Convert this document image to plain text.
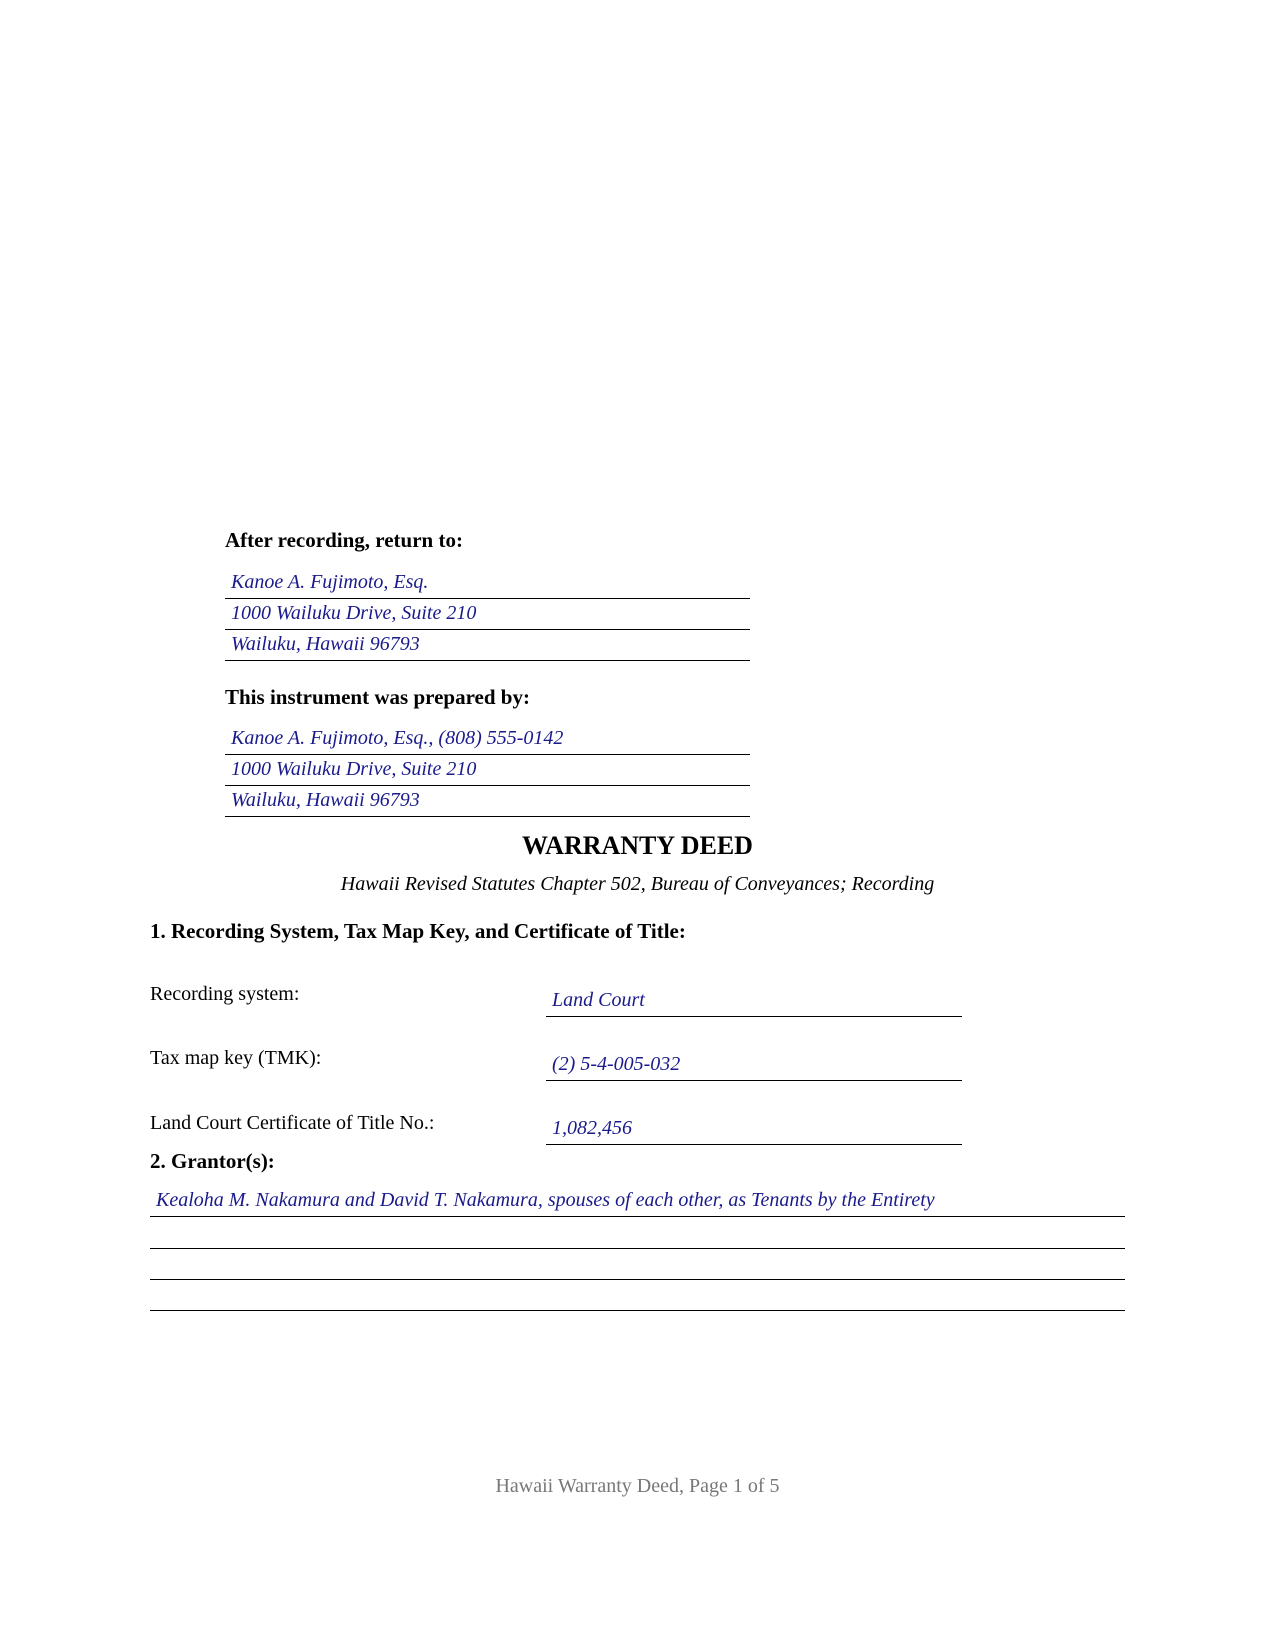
After recording, return to:
Kanoe A. Fujimoto, Esq.
1000 Wailuku Drive, Suite 210
Wailuku, Hawaii 96793
This instrument was prepared by:
Kanoe A. Fujimoto, Esq., (808) 555-0142
1000 Wailuku Drive, Suite 210
Wailuku, Hawaii 96793
WARRANTY DEED
Hawaii Revised Statutes Chapter 502, Bureau of Conveyances; Recording
1. Recording System, Tax Map Key, and Certificate of Title:
Recording system:	Land Court
Tax map key (TMK):	(2) 5-4-005-032
Land Court Certificate of Title No.:	1,082,456
2. Grantor(s):
Kealoha M. Nakamura and David T. Nakamura, spouses of each other, as Tenants by the Entirety
Hawaii Warranty Deed, Page 1 of 5
